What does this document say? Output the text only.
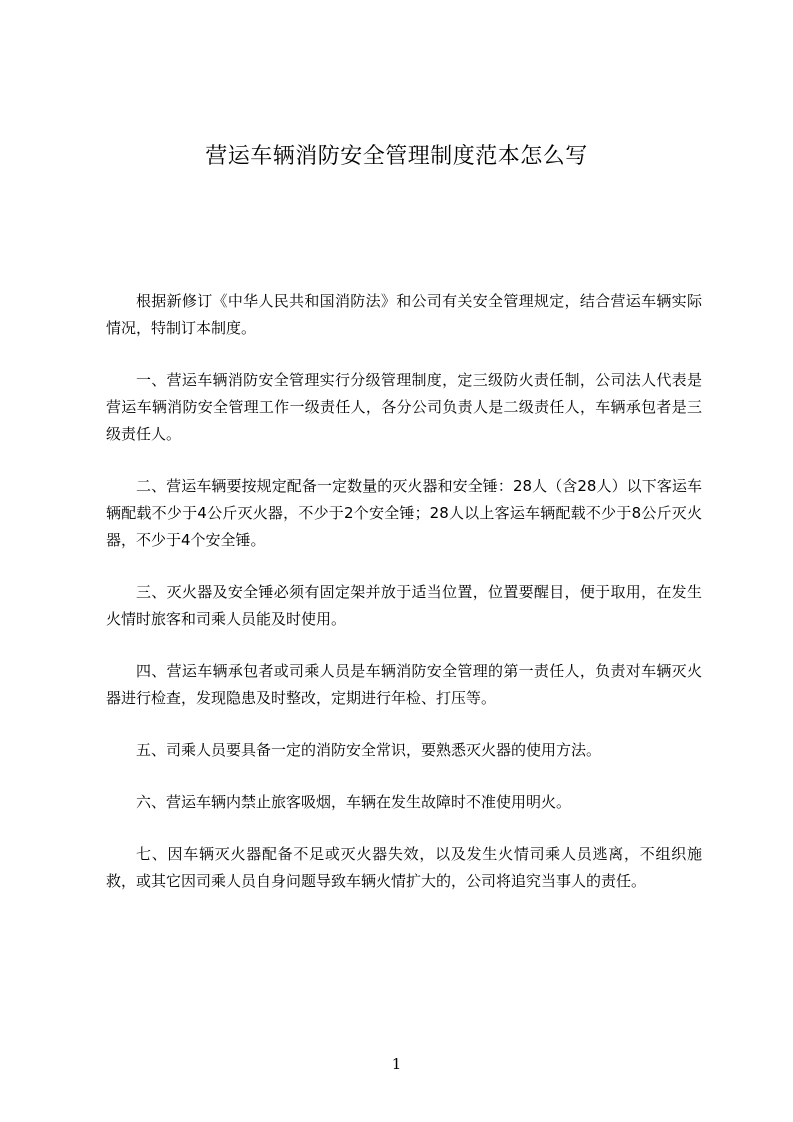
营运车辆消防安全管理制度范本怎么写

根据新修订《中华人民共和国消防法》和公司有关安全管理规定，结合营运车辆实际情况，特制订本制度。

一、营运车辆消防安全管理实行分级管理制度，定三级防火责任制，公司法人代表是营运车辆消防安全管理工作一级责任人，各分公司负责人是二级责任人，车辆承包者是三级责任人。

二、营运车辆要按规定配备一定数量的灭火器和安全锤：28人（含28人）以下客运车辆配载不少于4公斤灭火器，不少于2个安全锤；28人以上客运车辆配载不少于8公斤灭火器，不少于4个安全锤。

三、灭火器及安全锤必须有固定架并放于适当位置，位置要醒目，便于取用，在发生火情时旅客和司乘人员能及时使用。

四、营运车辆承包者或司乘人员是车辆消防安全管理的第一责任人，负责对车辆灭火器进行检查，发现隐患及时整改，定期进行年检、打压等。

五、司乘人员要具备一定的消防安全常识，要熟悉灭火器的使用方法。

六、营运车辆内禁止旅客吸烟，车辆在发生故障时不准使用明火。

七、因车辆灭火器配备不足或灭火器失效，以及发生火情司乘人员逃离，不组织施救，或其它因司乘人员自身问题导致车辆火情扩大的，公司将追究当事人的责任。

1
